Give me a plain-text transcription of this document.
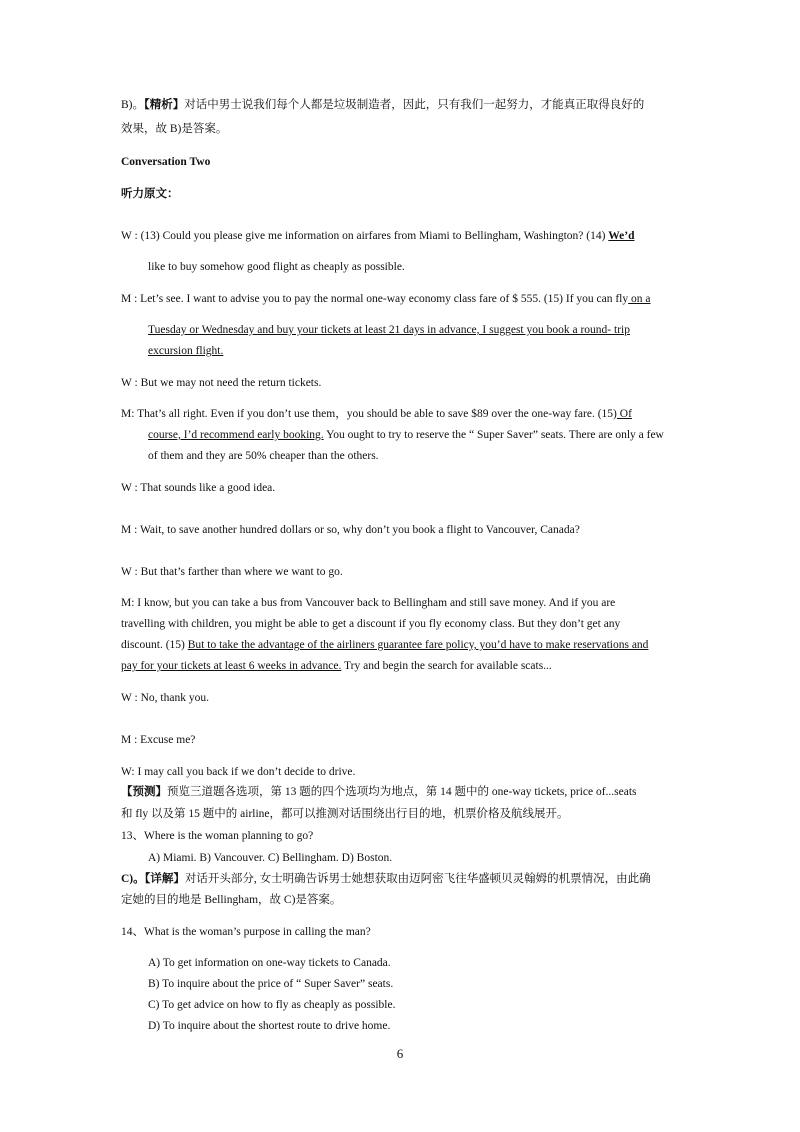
B)。【精析】对话中男士说我们每个人都是垃圾制造者，因此，只有我们一起努力，才能真正取得良好的
效果，故 B)是答案。
Conversation Two
听力原文：
W : (13) Could you please give me information on airfares from Miami to Bellingham, Washington? (14) We’d
like to buy somehow good flight as cheaply as possible.
M : Let’s see. I want to advise you to pay the normal one-way economy class fare of $ 555. (15) If you can fly on a
Tuesday or Wednesday and buy your tickets at least 21 days in advance, I suggest you book a round- trip
excursion flight.
W : But we may not need the return tickets.
M: That’s all right. Even if you don’t use them，you should be able to save $89 over the one-way fare. (15) Of
course, I’d recommend early booking. You ought to try to reserve the “ Super Saver” seats. There are only a few
of them and they are 50% cheaper than the others.
W : That sounds like a good idea.
M : Wait, to save another hundred dollars or so, why don’t you book a flight to Vancouver, Canada?
W : But that’s farther than where we want to go.
M: I know, but you can take a bus from Vancouver back to Bellingham and still save money. And if you are
travelling with children, you might be able to get a discount if you fly economy class. But they don’t get any
discount. (15) But to take the advantage of the airliners guarantee fare policy, you’d have to make reservations and
pay for your tickets at least 6 weeks in advance. Try and begin the search for available scats...
W : No, thank you.
M : Excuse me?
W: I may call you back if we don’t decide to drive.
【预测】预览三道题各选项，第 13 题的四个选项均为地点，第 14 题中的 one-way tickets, price of...seats
和 fly 以及第 15 题中的 airline，都可以推测对话围绕出行目的地，机票价格及航线展开。
13、Where is the woman planning to go?
A) Miami. B) Vancouver. C) Bellingham. D) Boston.
C)。【详解】对话开头部分, 女士明确告诉男士她想获取由迈阿密飞往华盛顿贝灵翰姆的机票情况，由此确
定她的目的地是 Bellingham，故 C)是答案。
14、What is the woman’s purpose in calling the man?
A) To get information on one-way tickets to Canada.
B) To inquire about the price of “ Super Saver” seats.
C) To get advice on how to fly as cheaply as possible.
D) To inquire about the shortest route to drive home.
6
